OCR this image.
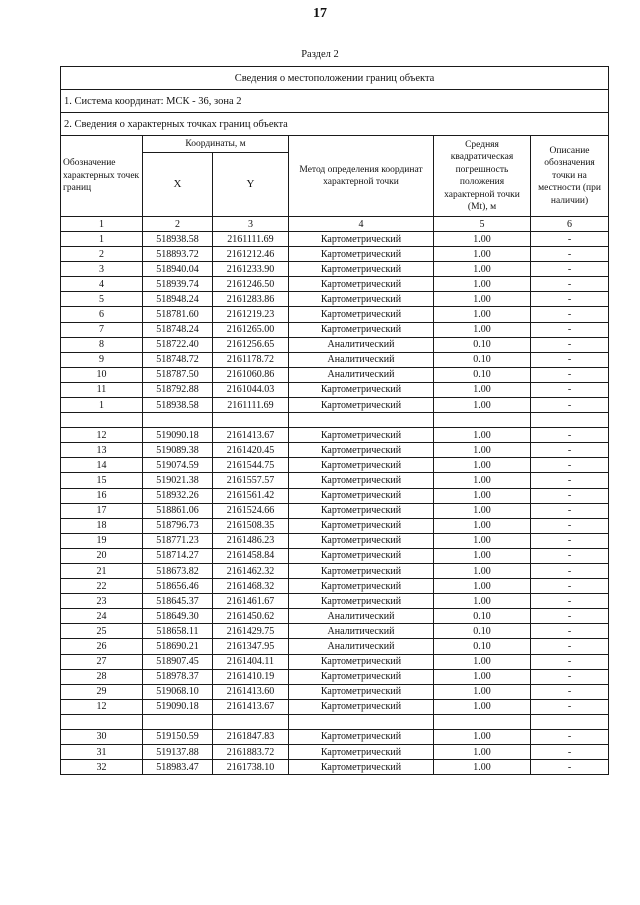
17
Раздел 2
Сведения о местоположении границ объекта					
1. Система координат: МСК - 36, зона 2					
2. Сведения о характерных точках границ объекта					
Обозначение характерных точек границ	Координаты, м		Метод определения координат характерной точки	Средняя квадратическая погрешность положения характерной точки (Mt), м	Описание обозначения точки на местности (при наличии)
	X	Y			
1	2	3	4	5	6
1	518938.58	2161111.69	Картометрический	1.00	-
2	518893.72	2161212.46	Картометрический	1.00	-
3	518940.04	2161233.90	Картометрический	1.00	-
4	518939.74	2161246.50	Картометрический	1.00	-
5	518948.24	2161283.86	Картометрический	1.00	-
6	518781.60	2161219.23	Картометрический	1.00	-
7	518748.24	2161265.00	Картометрический	1.00	-
8	518722.40	2161256.65	Аналитический	0.10	-
9	518748.72	2161178.72	Аналитический	0.10	-
10	518787.50	2161060.86	Аналитический	0.10	-
11	518792.88	2161044.03	Картометрический	1.00	-
1	518938.58	2161111.69	Картометрический	1.00	-

12	519090.18	2161413.67	Картометрический	1.00	-
13	519089.38	2161420.45	Картометрический	1.00	-
14	519074.59	2161544.75	Картометрический	1.00	-
15	519021.38	2161557.57	Картометрический	1.00	-
16	518932.26	2161561.42	Картометрический	1.00	-
17	518861.06	2161524.66	Картометрический	1.00	-
18	518796.73	2161508.35	Картометрический	1.00	-
19	518771.23	2161486.23	Картометрический	1.00	-
20	518714.27	2161458.84	Картометрический	1.00	-
21	518673.82	2161462.32	Картометрический	1.00	-
22	518656.46	2161468.32	Картометрический	1.00	-
23	518645.37	2161461.67	Картометрический	1.00	-
24	518649.30	2161450.62	Аналитический	0.10	-
25	518658.11	2161429.75	Аналитический	0.10	-
26	518690.21	2161347.95	Аналитический	0.10	-
27	518907.45	2161404.11	Картометрический	1.00	-
28	518978.37	2161410.19	Картометрический	1.00	-
29	519068.10	2161413.60	Картометрический	1.00	-
12	519090.18	2161413.67	Картометрический	1.00	-

30	519150.59	2161847.83	Картометрический	1.00	-
31	519137.88	2161883.72	Картометрический	1.00	-
32	518983.47	2161738.10	Картометрический	1.00	-
